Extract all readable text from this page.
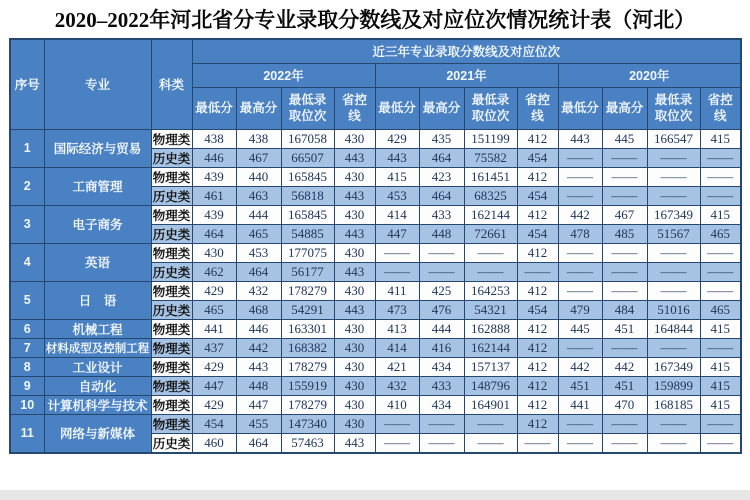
2020–2022年河北省分专业录取分数线及对应位次情况统计表（河北）
序号	专业	科类	近三年专业录取分数线及对应位次											
			2022年				2021年				2020年			
			最低分	最高分	最低录取位次	省控线	最低分	最高分	最低录取位次	省控线	最低分	最高分	最低录取位次	省控线
1	国际经济与贸易	物理类	438	438	167058	430	429	435	151199	412	443	445	166547	415
		历史类	446	467	66507	443	443	464	75582	454	——	——	——	——
2	工商管理	物理类	439	440	165845	430	415	423	161451	412	——	——	——	——
		历史类	461	463	56818	443	453	464	68325	454	——	——	——	——
3	电子商务	物理类	439	444	165845	430	414	433	162144	412	442	467	167349	415
		历史类	464	465	54885	443	447	448	72661	454	478	485	51567	465
4	英语	物理类	430	453	177075	430	——	——	——	412	——	——	——	——
		历史类	462	464	56177	443	——	——	——	——	——	——	——	——
5	日　语	物理类	429	432	178279	430	411	425	164253	412	——	——	——	——
		历史类	465	468	54291	443	473	476	54321	454	479	484	51016	465
6	机械工程	物理类	441	446	163301	430	413	444	162888	412	445	451	164844	415
7	材料成型及控制工程	物理类	437	442	168382	430	414	416	162144	412	——	——	——	——
8	工业设计	物理类	429	443	178279	430	421	434	157137	412	442	442	167349	415
9	自动化	物理类	447	448	155919	430	432	433	148796	412	451	451	159899	415
10	计算机科学与技术	物理类	429	447	178279	430	410	434	164901	412	441	470	168185	415
11	网络与新媒体	物理类	454	455	147340	430	——	——	——	412	——	——	——	——
		历史类	460	464	57463	443	——	——	——	——	——	——	——	——
